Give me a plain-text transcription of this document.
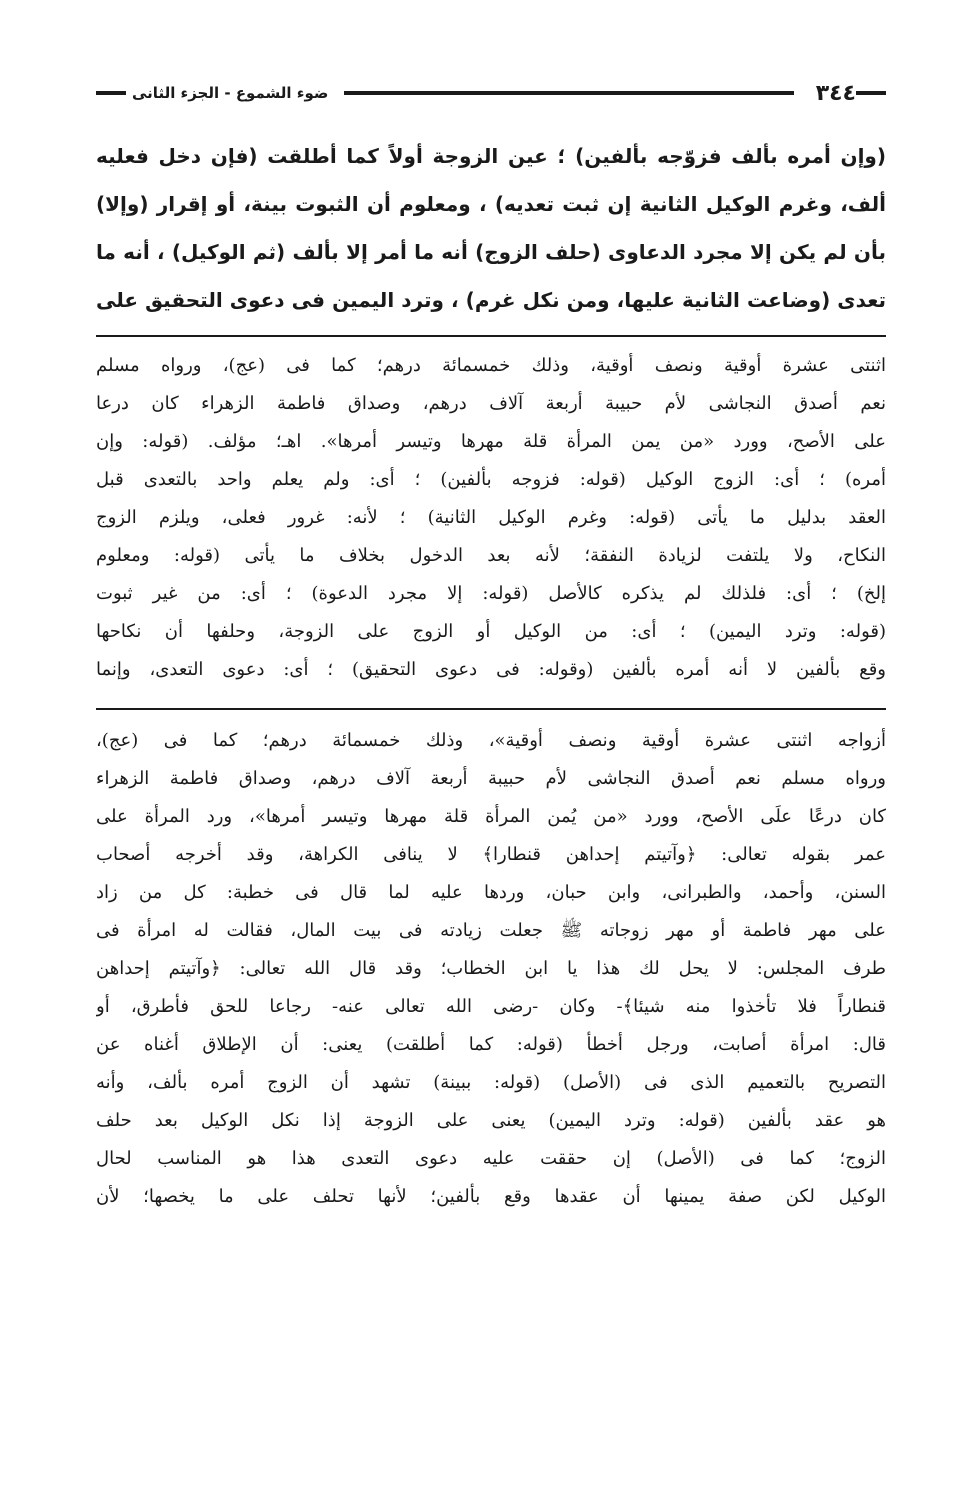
٣٤٤
ضوء الشموع - الجزء الثانى

(وإن أمره بألف فزوّجه بألفين) ؛ عين الزوجة أولاً كما أطلقت (فإن دخل فعليه

ألف، وغرم الوكيل الثانية إن ثبت تعديه) ، ومعلوم أن الثبوت بينة، أو إقرار (وإلا)

بأن لم يكن إلا مجرد الدعاوى (حلف الزوج) أنه ما أمر إلا بألف (ثم الوكيل) ، أنه ما

تعدى (وضاعت الثانية عليها، ومن نكل غرم) ، وترد اليمين فى دعوى التحقيق على

اثنتى عشرة أوقية ونصف أوقية، وذلك خمسمائة درهم؛ كما فى (عج)، ورواه مسلم

نعم أصدق النجاشى لأم حبيبة أربعة آلاف درهم، وصداق فاطمة الزهراء كان درعا

على الأصح، وورد «من يمن المرأة قلة مهرها وتيسر أمرها». اهـ؛ مؤلف. (قوله: وإن

أمره) ؛ أى: الزوج الوكيل (قوله: فزوجه بألفين) ؛ أى: ولم يعلم واحد بالتعدى قبل

العقد بدليل ما يأتى (قوله: وغرم الوكيل الثانية) ؛ لأنه: غرور فعلى، ويلزم الزوج

النكاح، ولا يلتفت لزيادة النفقة؛ لأنه بعد الدخول بخلاف ما يأتى (قوله: ومعلوم

إلخ) ؛ أى: فلذلك لم يذكره كالأصل (قوله: إلا مجرد الدعوة) ؛ أى: من غير ثبوت

(قوله: وترد اليمين) ؛ أى: من الوكيل أو الزوج على الزوجة، وحلفها أن نكاحها

وقع بألفين لا أنه أمره بألفين (وقوله: فى دعوى التحقيق) ؛ أى: دعوى التعدى، وإنما

أزواجه اثنتى عشرة أوقية ونصف أوقية»، وذلك خمسمائة درهم؛ كما فى (عج)،

ورواه مسلم نعم أصدق النجاشى لأم حبيبة أربعة آلاف درهم، وصداق فاطمة الزهراء

كان درعًا علَى الأصح، وورد «من يُمن المرأة قلة مهرها وتيسر أمرها»، ورد المرأة على

عمر بقوله تعالى: ﴿وآتيتم إحداهن قنطارا﴾ لا ينافى الكراهة، وقد أخرجه أصحاب

السنن، وأحمد، والطبرانى، وابن حبان، وردها عليه لما قال فى خطبة: كل من زاد

على مهر فاطمة أو مهر زوجاته ﷺ جعلت زيادته فى بيت المال، فقالت له امرأة فى

طرف المجلس: لا يحل لك هذا يا ابن الخطاب؛ وقد قال الله تعالى: ﴿وآتيتم إحداهن

قنطاراً فلا تأخذوا منه شيئا﴾- وكان -رضى الله تعالى عنه- رجاعا للحق فأطرق، أو

قال: امرأة أصابت، ورجل أخطأ (قوله: كما أطلقت) يعنى: أن الإطلاق أغناه عن

التصريح بالتعميم الذى فى (الأصل) (قوله: ببينة) تشهد أن الزوج أمره بألف، وأنه

هو عقد بألفين (قوله: وترد اليمين) يعنى على الزوجة إذا نكل الوكيل بعد حلف

الزوج؛ كما فى (الأصل) إن حققت عليه دعوى التعدى هذا هو المناسب لحال

الوكيل لكن صفة يمينها أن عقدها وقع بألفين؛ لأنها تحلف على ما يخصها؛ لأن
